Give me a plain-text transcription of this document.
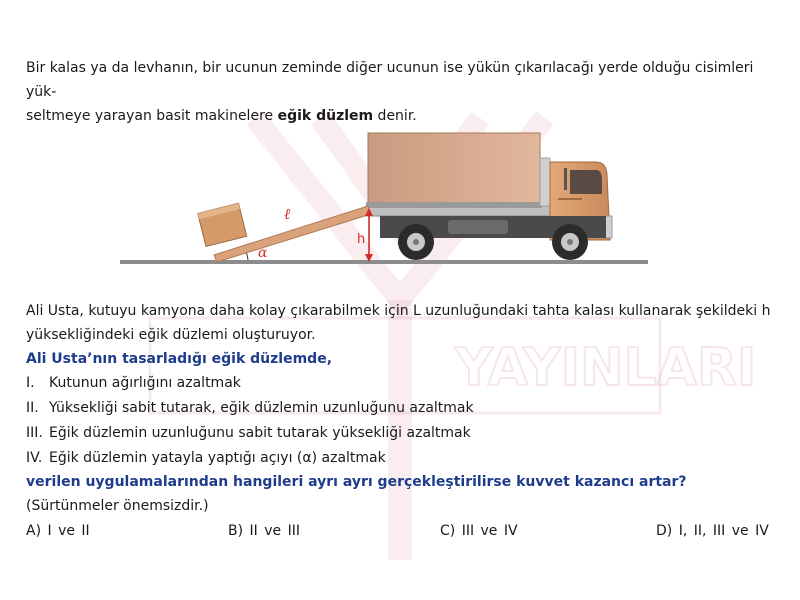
YAYINLARI
Bir kalas ya da levhanın, bir ucunun zeminde diğer ucunun ise yükün çıkarılacağı yerde olduğu cisimleri yük-
seltmeye yarayan basit makinelere eğik düzlem denir.
ℓ
h
α
Ali Usta, kutuyu kamyona daha kolay çıkarabilmek için L uzunluğundaki tahta kalası kullanarak şekildeki h
yüksekliğindeki eğik düzlemi oluşturuyor.
Ali Usta’nın tasarladığı eğik düzlemde,
I.	Kutunun ağırlığını azaltmak
II. Yüksekliği sabit tutarak, eğik düzlemin uzunluğunu azaltmak
III. Eğik düzlemin uzunluğunu sabit tutarak yüksekliği azaltmak
IV. Eğik düzlemin yatayla yaptığı açıyı (α) azaltmak
verilen uygulamalarından hangileri ayrı ayrı gerçekleştirilirse kuvvet kazancı artar?
(Sürtünmeler önemsizdir.)
A) I ve II	B) II ve III	C) III ve IV	D) I, II, III ve IV
